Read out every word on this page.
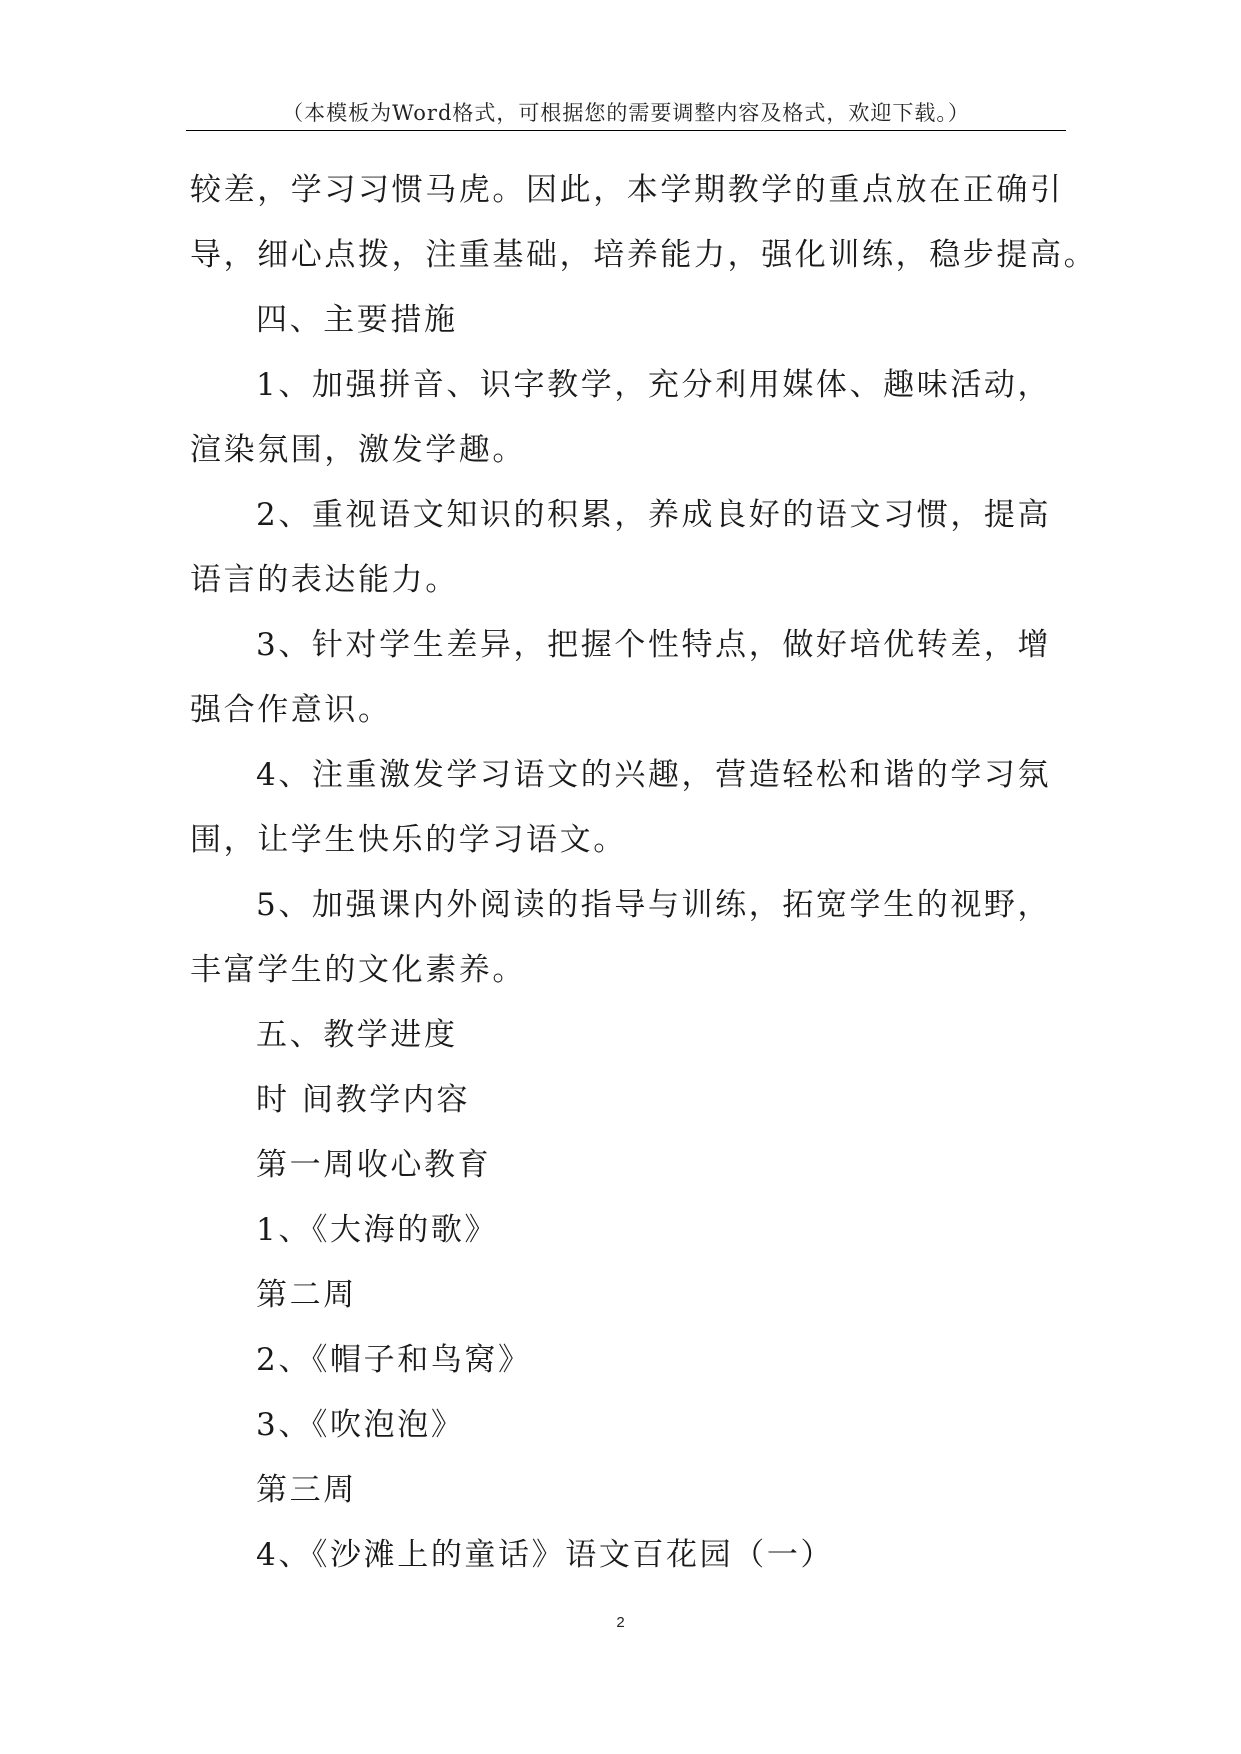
（本模板为Word格式，可根据您的需要调整内容及格式，欢迎下载。）
较差，学习习惯马虎。因此，本学期教学的重点放在正确引
导，细心点拨，注重基础，培养能力，强化训练，稳步提高。
四、主要措施
1、加强拼音、识字教学，充分利用媒体、趣味活动，
渲染氛围，激发学趣。
2、重视语文知识的积累，养成良好的语文习惯，提高
语言的表达能力。
3、针对学生差异，把握个性特点，做好培优转差，增
强合作意识。
4、注重激发学习语文的兴趣，营造轻松和谐的学习氛
围，让学生快乐的学习语文。
5、加强课内外阅读的指导与训练，拓宽学生的视野，
丰富学生的文化素养。
五、教学进度
时 间教学内容
第一周收心教育
1、《大海的歌》
第二周
2、《帽子和鸟窝》
3、《吹泡泡》
第三周
4、《沙滩上的童话》语文百花园（一）
2
